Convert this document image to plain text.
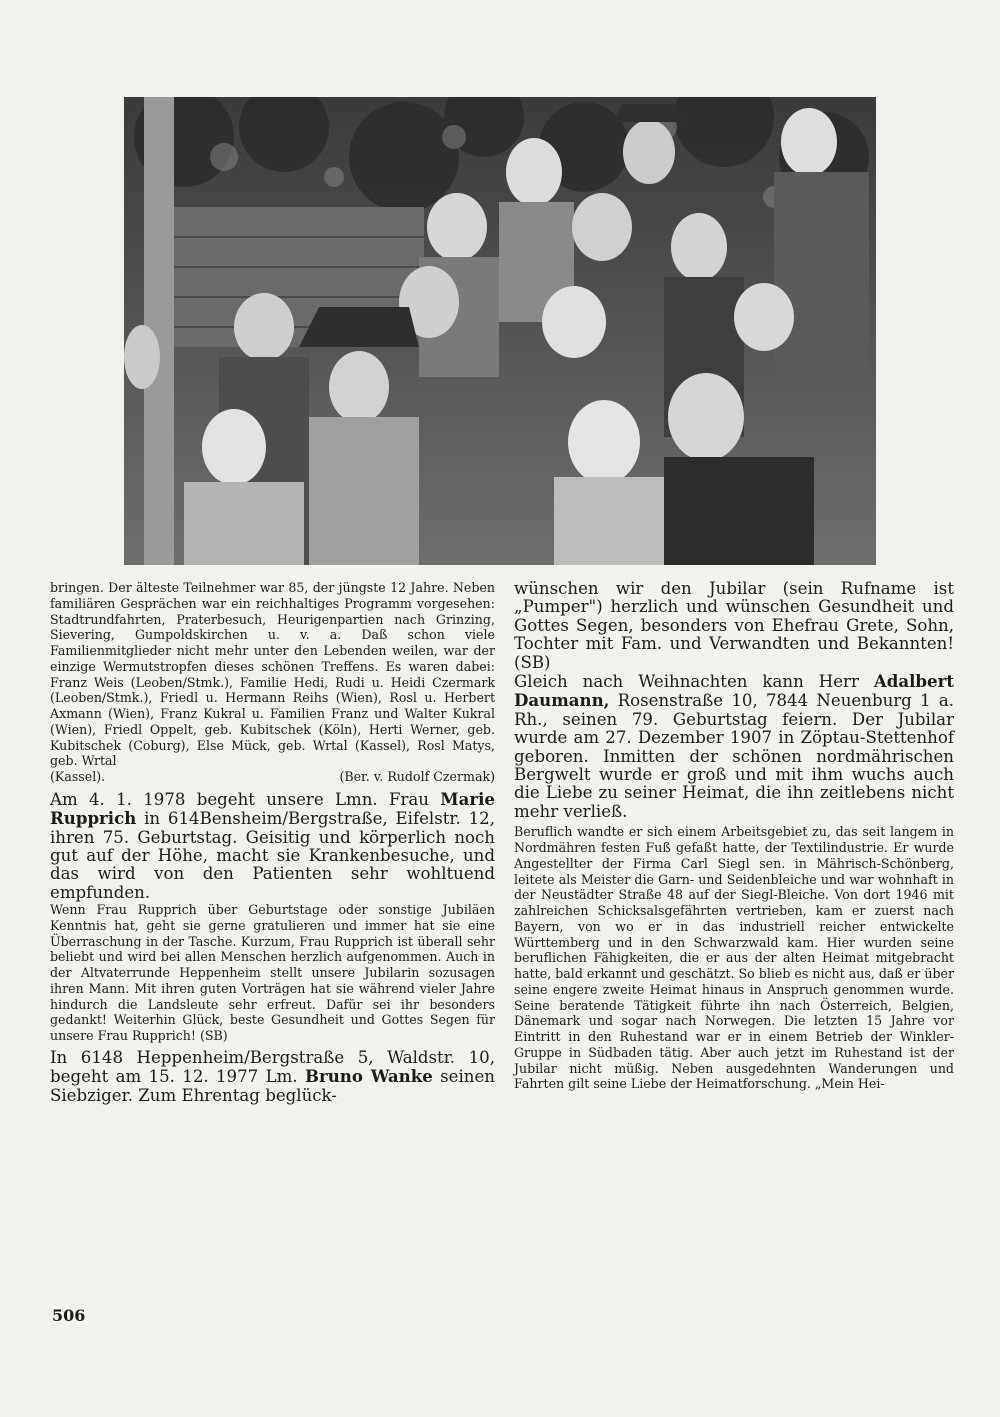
bringen. Der älteste Teilnehmer war 85, der jüngste 12 Jahre. Neben familiären Gesprächen war ein reichhaltiges Programm vorgesehen: Stadtrundfahrten, Praterbesuch, Heurigenpartien nach Grinzing, Sievering, Gumpoldskirchen u. v. a. Daß schon viele Familienmitglieder nicht mehr unter den Lebenden weilen, war der einzige Wermutstropfen dieses schönen Treffens. Es waren dabei: Franz Weis (Leoben/Stmk.), Familie Hedi, Rudi u. Heidi Czermark (Leoben/Stmk.), Friedl u. Hermann Reihs (Wien), Rosl u. Herbert Axmann (Wien), Franz Kukral u. Familien Franz und Walter Kukral (Wien), Friedl Oppelt, geb. Kubitschek (Köln), Herti Werner, geb. Kubitschek (Coburg), Else Mück, geb. Wrtal (Kassel), Rosl Matys, geb. Wrtal

(Kassel).	(Ber. v. Rudolf Czermak)

Am 4. 1. 1978 begeht unsere Lmn. Frau Marie Rupprich in 614Bensheim/Bergstraße, Eifelstr. 12, ihren 75. Geburtstag. Geisitig und körperlich noch gut auf der Höhe, macht sie Krankenbesuche, und das wird von den Patienten sehr wohltuend empfunden.

Wenn Frau Rupprich über Geburtstage oder sonstige Jubiläen Kenntnis hat, geht sie gerne gratulieren und immer hat sie eine Überraschung in der Tasche. Kurzum, Frau Rupprich ist überall sehr beliebt und wird bei allen Menschen herzlich aufgenommen. Auch in der Altvaterrunde Heppenheim stellt unsere Jubilarin sozusagen ihren Mann. Mit ihren guten Vorträgen hat sie während vieler Jahre hindurch die Landsleute sehr erfreut. Dafür sei ihr besonders gedankt! Weiterhin Glück, beste Gesundheit und Gottes Segen für unsere Frau Rupprich! (SB)

In 6148 Heppenheim/Bergstraße 5, Waldstr. 10, begeht am 15. 12. 1977 Lm. Bruno Wanke seinen Siebziger. Zum Ehrentag beglück-

wünschen wir den Jubilar (sein Rufname ist „Pumper") herzlich und wünschen Gesundheit und Gottes Segen, besonders von Ehefrau Grete, Sohn, Tochter mit Fam. und Verwandten und Bekannten! (SB)

Gleich nach Weihnachten kann Herr Adalbert Daumann, Rosenstraße 10, 7844 Neuenburg 1 a. Rh., seinen 79. Geburtstag feiern. Der Jubilar wurde am 27. Dezember 1907 in Zöptau-Stettenhof geboren. Inmitten der schönen nordmährischen Bergwelt wurde er groß und mit ihm wuchs auch die Liebe zu seiner Heimat, die ihn zeitlebens nicht mehr verließ.

Beruflich wandte er sich einem Arbeitsgebiet zu, das seit langem in Nordmähren festen Fuß gefaßt hatte, der Textilindustrie. Er wurde Angestellter der Firma Carl Siegl sen. in Mährisch-Schönberg, leitete als Meister die Garn- und Seidenbleiche und war wohnhaft in der Neustädter Straße 48 auf der Siegl-Bleiche. Von dort 1946 mit zahlreichen Schicksalsgefährten vertrieben, kam er zuerst nach Bayern, von wo er in das industriell reicher entwickelte Württemberg und in den Schwarzwald kam. Hier wurden seine beruflichen Fähigkeiten, die er aus der alten Heimat mitgebracht hatte, bald erkannt und geschätzt. So blieb es nicht aus, daß er über seine engere zweite Heimat hinaus in Anspruch genommen wurde. Seine beratende Tätigkeit führte ihn nach Österreich, Belgien, Dänemark und sogar nach Norwegen. Die letzten 15 Jahre vor Eintritt in den Ruhestand war er in einem Betrieb der Winkler-Gruppe in Südbaden tätig. Aber auch jetzt im Ruhestand ist der Jubilar nicht müßig. Neben ausgedehnten Wanderungen und Fahrten gilt seine Liebe der Heimatforschung. „Mein Hei-

506
